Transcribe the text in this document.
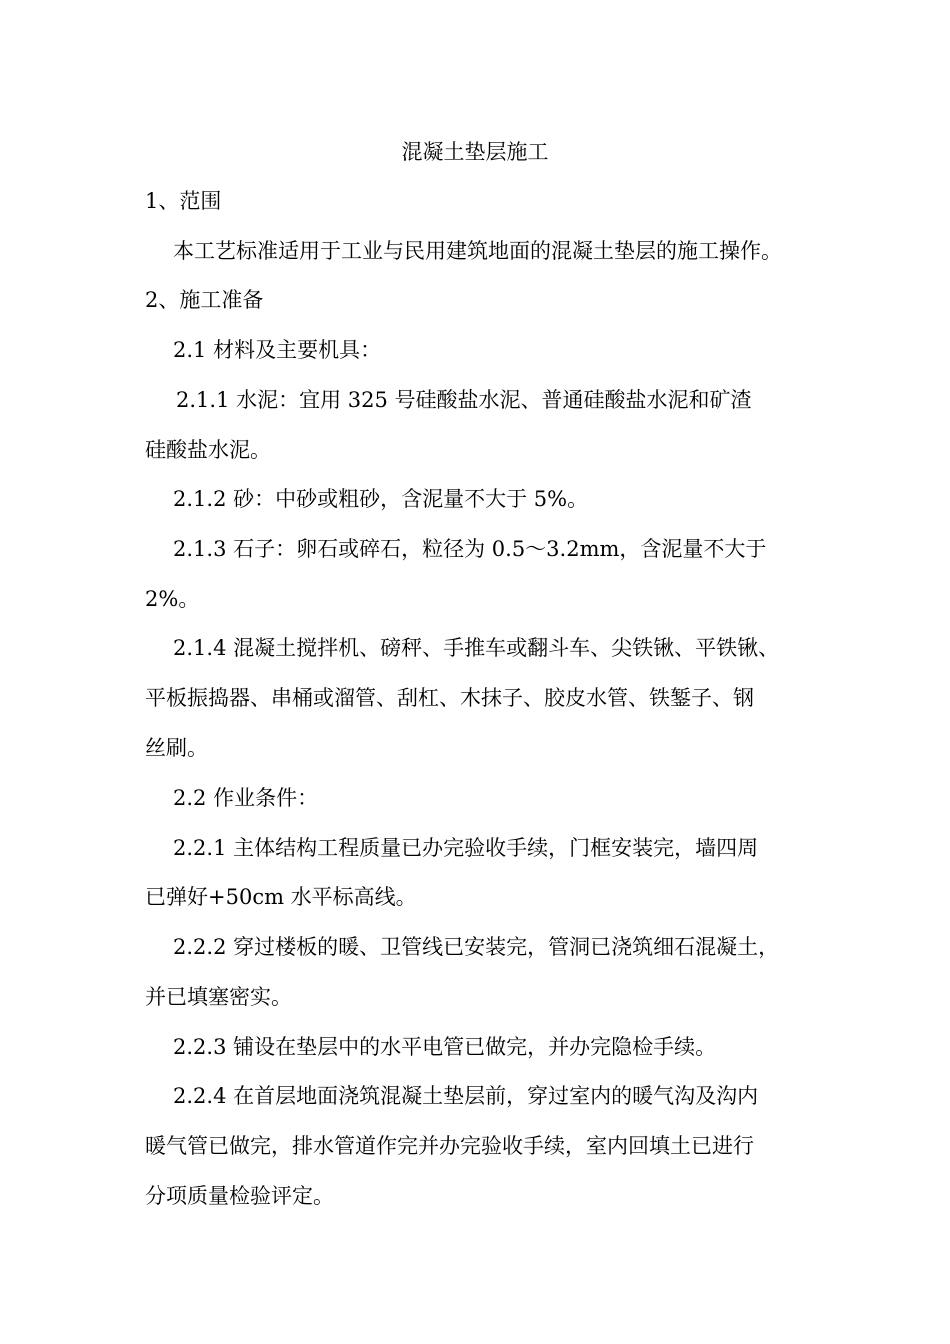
混凝土垫层施工
1、范围
本工艺标准适用于工业与民用建筑地面的混凝土垫层的施工操作。
2、施工准备
2.1 材料及主要机具：
2.1.1 水泥：宜用 325 号硅酸盐水泥、普通硅酸盐水泥和矿渣
硅酸盐水泥。
2.1.2 砂：中砂或粗砂，含泥量不大于 5%。
2.1.3 石子：卵石或碎石，粒径为 0.5～3.2mm，含泥量不大于
2%。
2.1.4 混凝土搅拌机、磅秤、手推车或翻斗车、尖铁锹、平铁锹、
平板振捣器、串桶或溜管、刮杠、木抹子、胶皮水管、铁錾子、钢
丝刷。
2.2 作业条件：
2.2.1 主体结构工程质量已办完验收手续，门框安装完，墙四周
已弹好+50cm 水平标高线。
2.2.2 穿过楼板的暖、卫管线已安装完，管洞已浇筑细石混凝土，
并已填塞密实。
2.2.3 铺设在垫层中的水平电管已做完，并办完隐检手续。
2.2.4 在首层地面浇筑混凝土垫层前，穿过室内的暖气沟及沟内
暖气管已做完，排水管道作完并办完验收手续，室内回填土已进行
分项质量检验评定。
